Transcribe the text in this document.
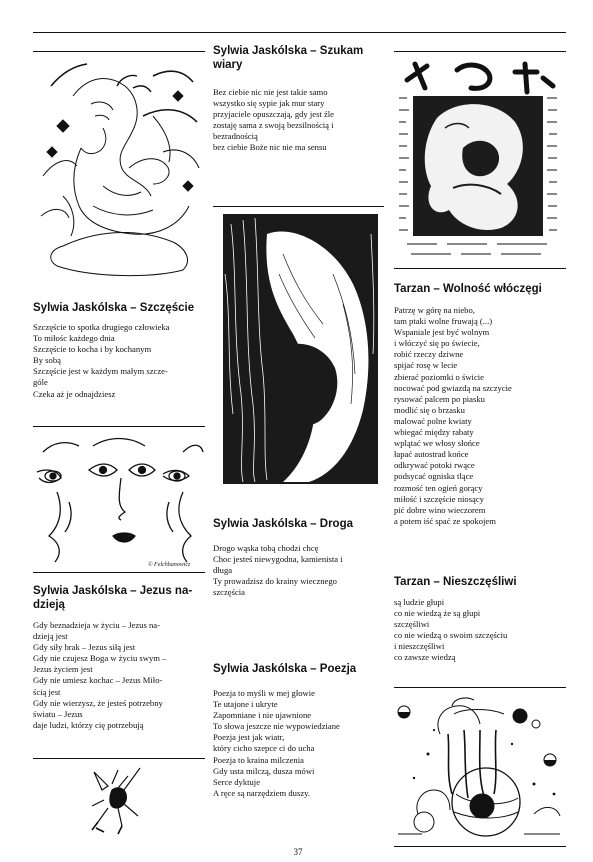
Sylwia Jaskólska – Szczęście
Szczęście to spotka drugiego człowieka
To miłośc każdego dnia
Szczęście to kocha i by kochanym
By sobą
Szczęście jest w każdym małym szcze-
góle
Czeka aż je odnajdziesz
© Felchhanowicz
Sylwia Jaskólska – Jezus na-
dzieją
Gdy beznadzieja w życiu – Jezus na-
dzieją jest
Gdy siły brak – Jezus siłą jest
Gdy nie czujesz Boga w życiu swym –
Jezus życiem jest
Gdy nie umiesz kochac – Jezus Miło-
ścią jest
Gdy nie wierzysz, że jesteś potrzebny
światu – Jezus
daje ludzi, którzy cię potrzebują
Sylwia Jaskólska – Szukam
wiary
Bez ciebie nic nie jest takie samo
wszystko się sypie jak mur stary
przyjaciele opuszczają, gdy jest źle
zostaję sama z swoją bezsilnością i
bezradnością
bez ciebie Boże nic nie ma sensu
Sylwia Jaskólska – Droga
Drogo wąska tobą chodzi chcę
Choc jesteś niewygodna, kamienista i
długa
Ty prowadzisz do krainy wiecznego
szczęścia
Sylwia Jaskólska – Poezja
Poezja to myśli w mej głowie
Te utajone i ukryte
Zapomniane i nie ujawnione
To słowa jeszcze nie wypowiedziane
Poezja jest jak wiatr,
który cicho szepce ci do ucha
Poezja to kraina milczenia
Gdy usta milczą, dusza mówi
Serce dyktuje
A ręce są narzędziem duszy.
Tarzan – Wolność włóczęgi
Patrzę w górę na niebo,
tam ptaki wolne fruwają (...)
Wspaniale jest być wolnym
i włóczyć się po świecie,
robić rzeczy dziwne
spijać rosę w lecie
zbierać poziomki o świcie
nocować pod gwiazdą na szczycie
rysować palcem po piasku
modlić się o brzasku
malować polne kwiaty
wbiegać między rabaty
wplątać we włosy słońce
łapać autostrad końce
odkrywać potoki rwące
podsycać ogniska tlące
rozmość ten ogień gorący
miłość i szczęście niosący
pić dobre wino wieczorem
a potem iść spać ze spokojem
Tarzan – Nieszczęśliwi
są ludzie głupi
co nie wiedzą że są głupi
szczęśliwi
co nie wiedzą o swoim szczęściu
i nieszczęśliwi
co zawsze wiedzą
37
